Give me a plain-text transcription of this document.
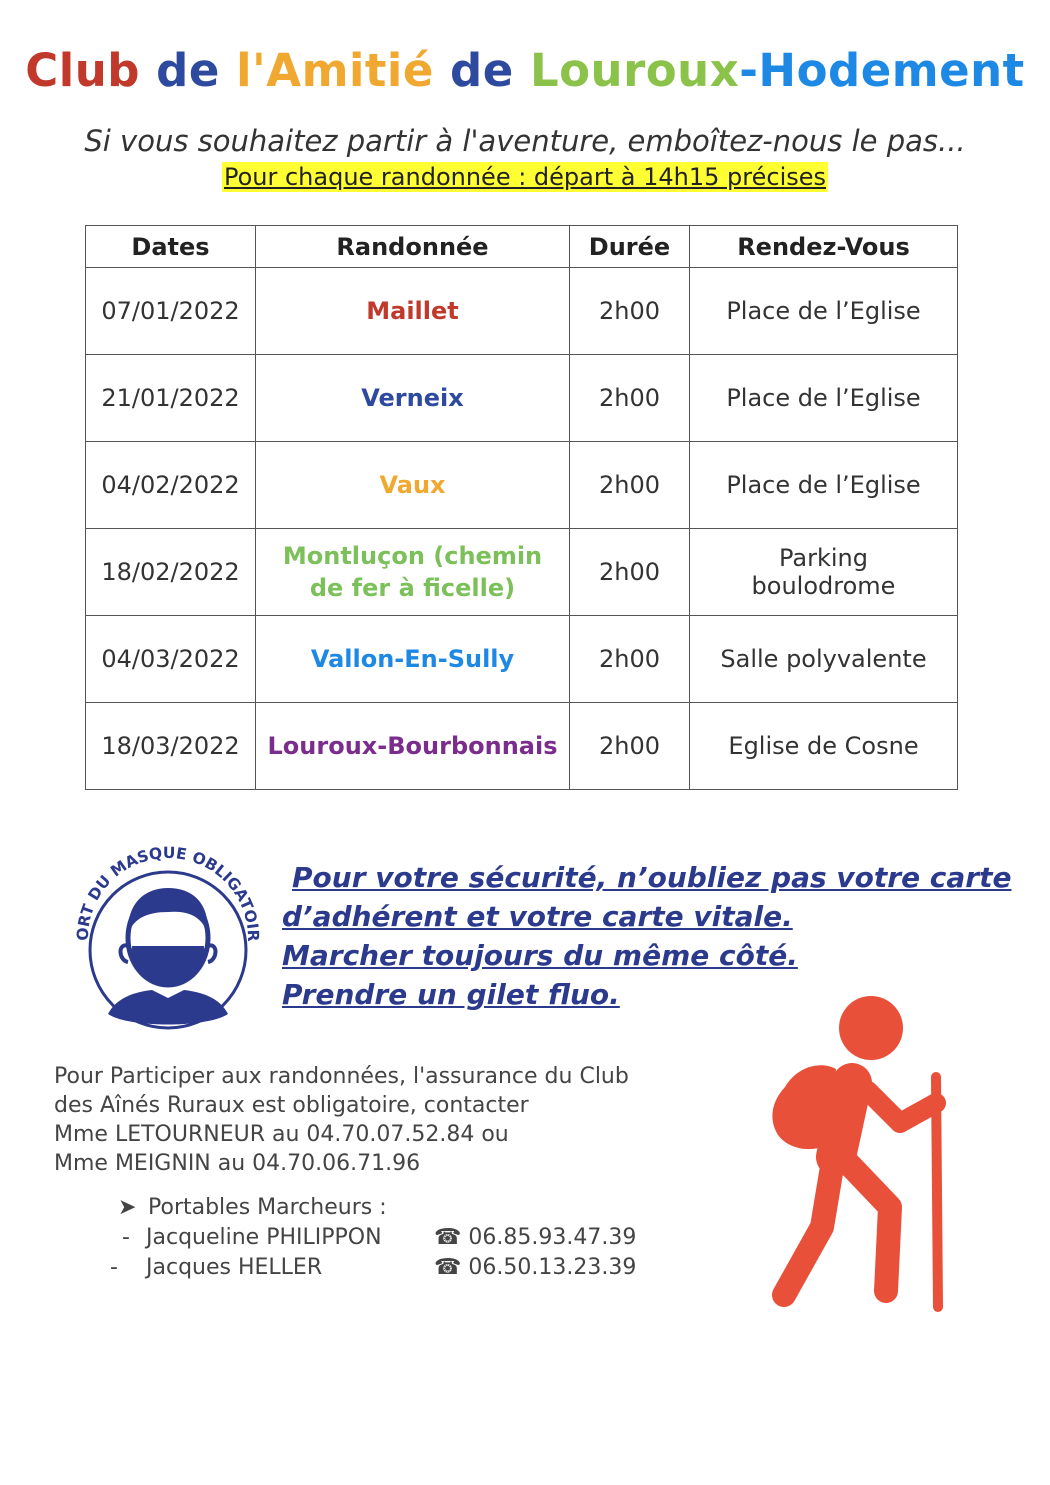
Club de l'Amitié de Louroux-Hodement
Si vous souhaitez partir à l'aventure, emboîtez-nous le pas...
Pour chaque randonnée : départ à 14h15 précises
Dates	Randonnée	Durée	Rendez-Vous
07/01/2022	Maillet	2h00	Place de l’Eglise
21/01/2022	Verneix	2h00	Place de l’Eglise
04/02/2022	Vaux	2h00	Place de l’Eglise
18/02/2022	Montluçon (chemin de fer à ficelle)	2h00	Parking boulodrome
04/03/2022	Vallon-En-Sully	2h00	Salle polyvalente
18/03/2022	Louroux-Bourbonnais	2h00	Eglise de Cosne
ORT DU MASQUE OBLIGATOIR
Pour votre sécurité, n’oubliez pas votre carte
d’adhérent et votre carte vitale.
Marcher toujours du même côté.
Prendre un gilet fluo.
Pour Participer aux randonnées, l'assurance du Club
des Aînés Ruraux est obligatoire, contacter
Mme LETOURNEUR au 04.70.07.52.84 ou
Mme MEIGNIN au 04.70.06.71.96
➤ Portables Marcheurs :
- Jacqueline PHILIPPON ☎ 06.85.93.47.39
- Jacques HELLER	☎ 06.50.13.23.39
